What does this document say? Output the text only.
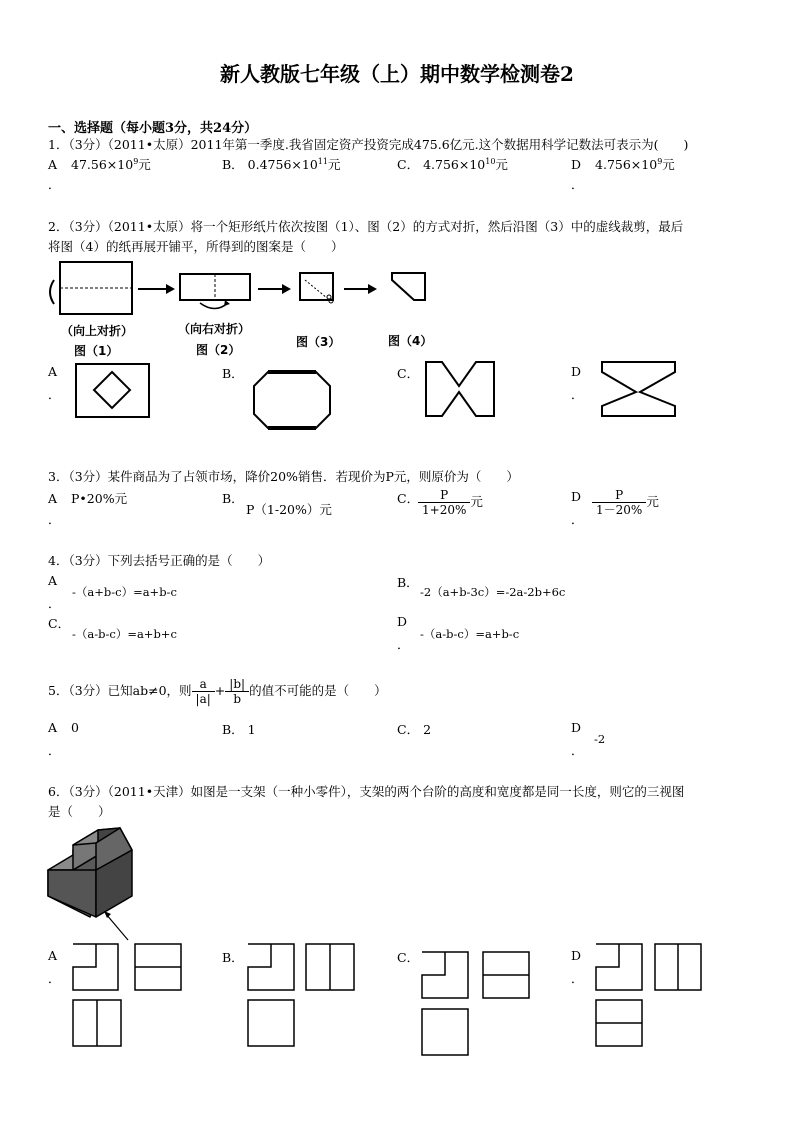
新人教版七年级（上）期中数学检测卷2
一、选择题（每小题3分，共24分）
1．（3分）（2011•太原）2011年第一季度.我省固定资产投资完成475.6亿元.这个数据用科学记数法可表示为(　　)
A $47.56\times 10^9$元
．
B． $0.4756\times 10^{11}$元	C． $4.756\times 10^{10}$元	D $4.756\times 10^9$元
．
2．（3分）（2011•太原）将一个矩形纸片依次按图（1）、图（2）的方式对折，然后沿图（3）中的虚线裁剪，最后
将图（4）的纸再展开铺平，所得到的图案是（　　）
（向上对折）
图（1）
（向右对折）
图（2）
图（3）	图（4）
A
．
B．	C．	D
．
3．（3分）某件商品为了占领市场，降价20%销售．若现价为P元，则原价为（　　）
A P•20%元
．
B．
P（1-20%）元
C．
$\frac{P}{1+20\%}$ 元	D
．
$\frac{P}{1-20\%}$ 元
4．（3分）下列去括号正确的是（　　）
A
．
-（a+b-c）=a+b-c
B．
-2（a+b-3c）=-2a-2b+6c
C．
-（a-b-c）=a+b+c
D
．
-（a-b-c）=a+b-c
5．（3分）已知ab≠0，则 $\frac{a}{|a|} + \frac{|b|}{b}$ 的值不可能的是（　　）
A 0
．
B． 1	C． 2	D
．
-2
6．（3分）（2011•天津）如图是一支架（一种小零件），支架的两个台阶的高度和宽度都是同一长度，则它的三视图
是（　　）
A
．
B．	C．	D
．
